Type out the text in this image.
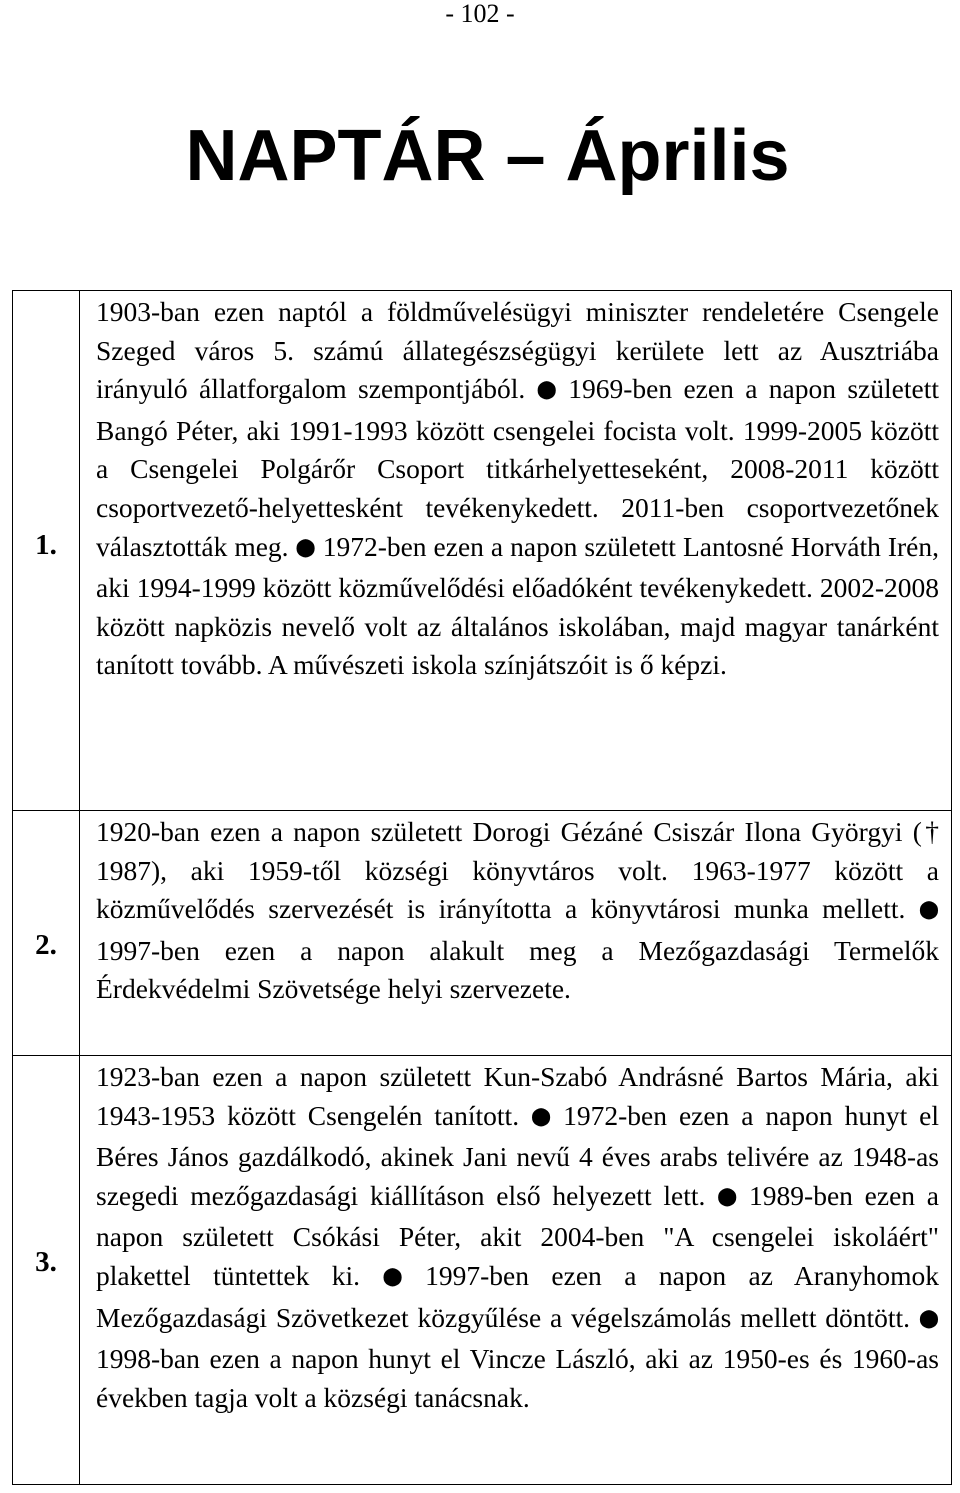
- 102 -
NAPTÁR – Április
1.	1903-ban ezen naptól a földművelésügyi miniszter rendeletére Csengele Szeged város 5. számú állategészségügyi kerülete lett az Ausztriába irányuló állatforgalom szempontjából. ⬤ 1969-ben ezen a napon született Bangó Péter, aki 1991-1993 között csengelei focista volt. 1999-2005 között a Csengelei Polgárőr Csoport titkárhelyetteseként, 2008-2011 között csoportvezető-helyettesként tevékenykedett. 2011-ben csoportvezetőnek választották meg. ⬤ 1972-ben ezen a napon született Lantosné Horváth Irén, aki 1994-1999 között közművelődési előadóként tevékenykedett. 2002-2008 között napközis nevelő volt az általános iskolában, majd magyar tanárként tanított tovább. A művészeti iskola színjátszóit is ő képzi.

2.	1920-ban ezen a napon született Dorogi Gézáné Csiszár Ilona Györgyi († 1987), aki 1959-től községi könyvtáros volt. 1963-1977 között a közművelődés szervezését is irányította a könyvtárosi munka mellett. ⬤ 1997-ben ezen a napon alakult meg a Mezőgazdasági Termelők Érdekvédelmi Szövetsége helyi szervezete.

3.	1923-ban ezen a napon született Kun-Szabó Andrásné Bartos Mária, aki 1943-1953 között Csengelén tanított. ⬤ 1972-ben ezen a napon hunyt el Béres János gazdálkodó, akinek Jani nevű 4 éves arabs telivére az 1948-as szegedi mezőgazdasági kiállításon első helyezett lett. ⬤ 1989-ben ezen a napon született Csókási Péter, akit 2004-ben "A csengelei iskoláért" plakettel tüntettek ki. ⬤ 1997-ben ezen a napon az Aranyhomok Mezőgazdasági Szövetkezet közgyűlése a végelszámolás mellett döntött. ⬤ 1998-ban ezen a napon hunyt el Vincze László, aki az 1950-es és 1960-as években tagja volt a községi tanácsnak.
